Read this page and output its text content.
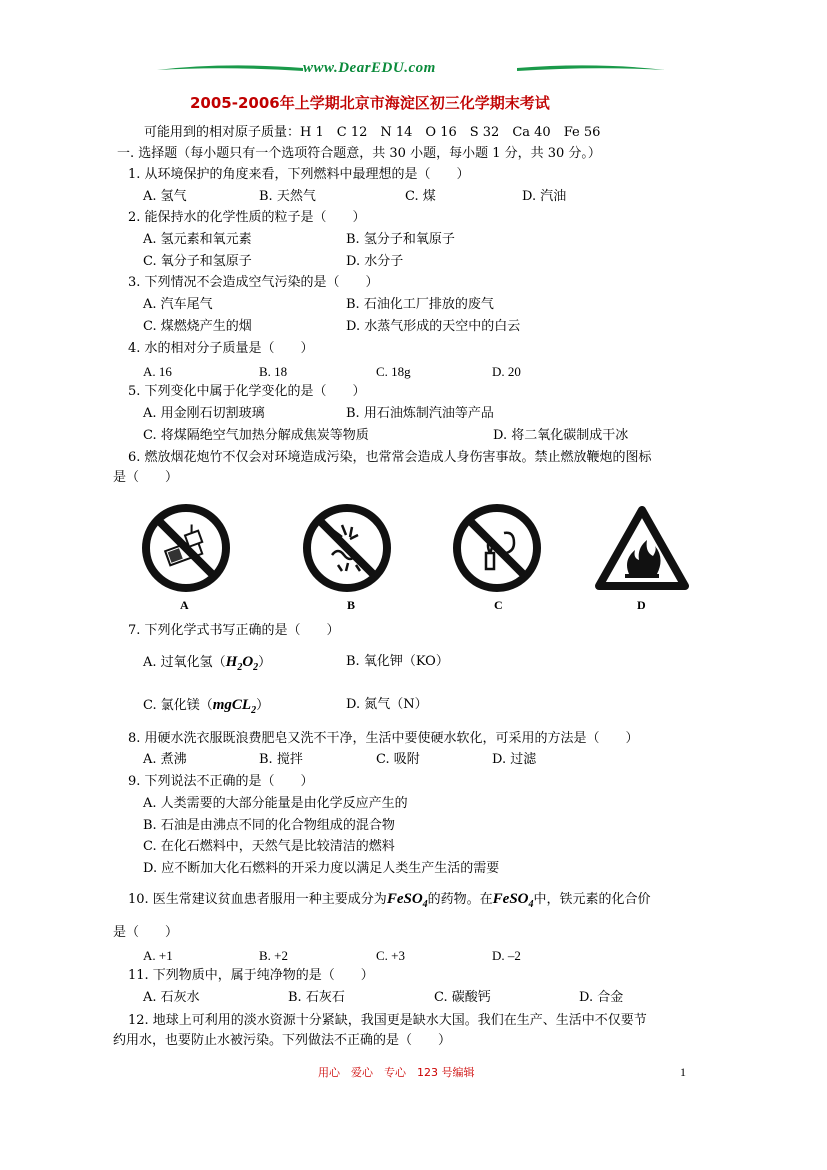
www.DearEDU.com
2005-2006年上学期北京市海淀区初三化学期末考试
可能用到的相对原子质量：H 1　C 12　N 14　O 16　S 32　Ca 40　Fe 56
一. 选择题（每小题只有一个选项符合题意，共 30 小题，每小题 1 分，共 30 分。）
1. 从环境保护的角度来看，下列燃料中最理想的是（　　）
A. 氢气	B. 天然气	C. 煤	D. 汽油
2. 能保持水的化学性质的粒子是（　　）
A. 氢元素和氧元素	B. 氢分子和氧原子
C. 氧分子和氢原子	D. 水分子
3. 下列情况不会造成空气污染的是（　　）
A. 汽车尾气	B. 石油化工厂排放的废气
C. 煤燃烧产生的烟	D. 水蒸气形成的天空中的白云
4. 水的相对分子质量是（　　）
A. 16	B. 18	C. 18g	D. 20
5. 下列变化中属于化学变化的是（　　）
A. 用金刚石切割玻璃	B. 用石油炼制汽油等产品
C. 将煤隔绝空气加热分解成焦炭等物质	D. 将二氧化碳制成干冰
6. 燃放烟花炮竹不仅会对环境造成污染，也常常会造成人身伤害事故。禁止燃放鞭炮的图标
是（　　）
A	B	C	D
7. 下列化学式书写正确的是（　　）
A. 过氧化氢$(H_2O_2)$	B. 氧化钾（KO）
C. 氯化镁（mgCL$_2$）	D. 氮气（N）
8. 用硬水洗衣服既浪费肥皂又洗不干净，生活中要使硬水软化，可采用的方法是（　　）
A. 煮沸	B. 搅拌	C. 吸附	D. 过滤
9. 下列说法不正确的是（　　）
A. 人类需要的大部分能量是由化学反应产生的
B. 石油是由沸点不同的化合物组成的混合物
C. 在化石燃料中，天然气是比较清洁的燃料
D. 应不断加大化石燃料的开采力度以满足人类生产生活的需要
10. 医生常建议贫血患者服用一种主要成分为FeSO$_4$的药物。在FeSO$_4$中，铁元素的化合价
是（　　）
A. +1	B. +2	C. +3	D. –2
11. 下列物质中，属于纯净物的是（　　）
A. 石灰水	B. 石灰石	C. 碳酸钙	D. 合金
12. 地球上可利用的淡水资源十分紧缺，我国更是缺水大国。我们在生产、生活中不仅要节
约用水，也要防止水被污染。下列做法不正确的是（　　）
用心　爱心　专心　123 号编辑	1
